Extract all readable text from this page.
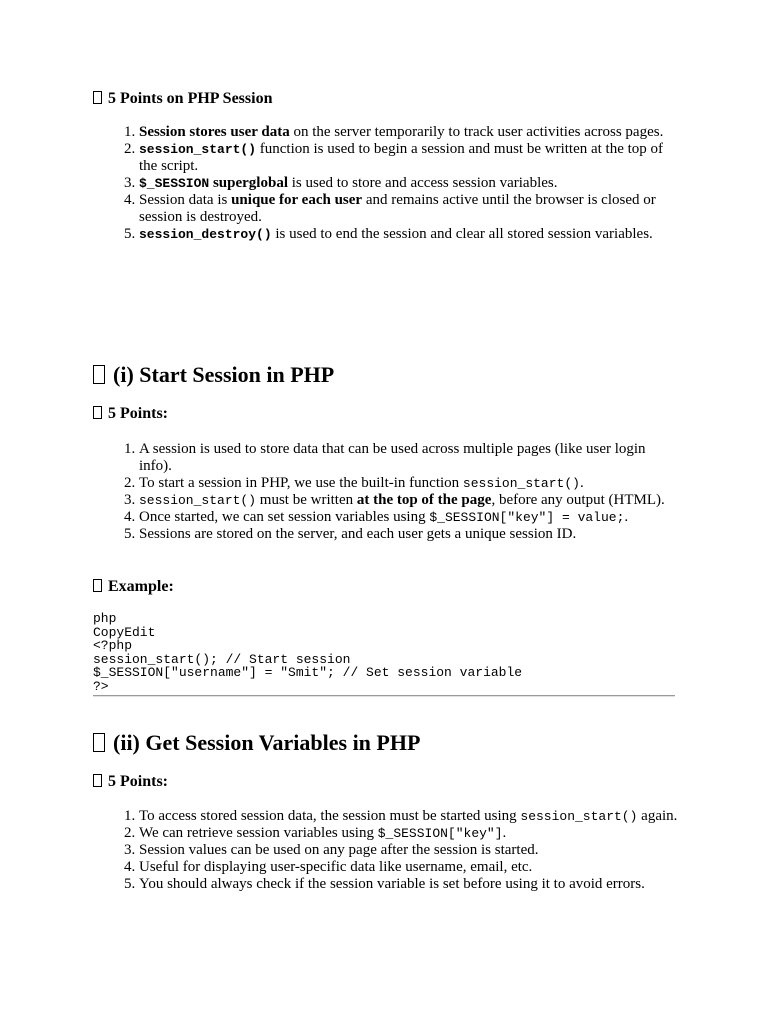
5 Points on PHP Session
1. Session stores user data on the server temporarily to track user activities across pages.
2. session_start() function is used to begin a session and must be written at the top of the script.
3. $_SESSION superglobal is used to store and access session variables.
4. Session data is unique for each user and remains active until the browser is closed or session is destroyed.
5. session_destroy() is used to end the session and clear all stored session variables.
(i) Start Session in PHP
5 Points:
1. A session is used to store data that can be used across multiple pages (like user login info).
2. To start a session in PHP, we use the built-in function session_start().
3. session_start() must be written at the top of the page, before any output (HTML).
4. Once started, we can set session variables using $_SESSION["key"] = value;.
5. Sessions are stored on the server, and each user gets a unique session ID.
Example:
php
CopyEdit
<?php
session_start(); // Start session
$_SESSION["username"] = "Smit"; // Set session variable
?>
(ii) Get Session Variables in PHP
5 Points:
1. To access stored session data, the session must be started using session_start() again.
2. We can retrieve session variables using $_SESSION["key"].
3. Session values can be used on any page after the session is started.
4. Useful for displaying user-specific data like username, email, etc.
5. You should always check if the session variable is set before using it to avoid errors.
